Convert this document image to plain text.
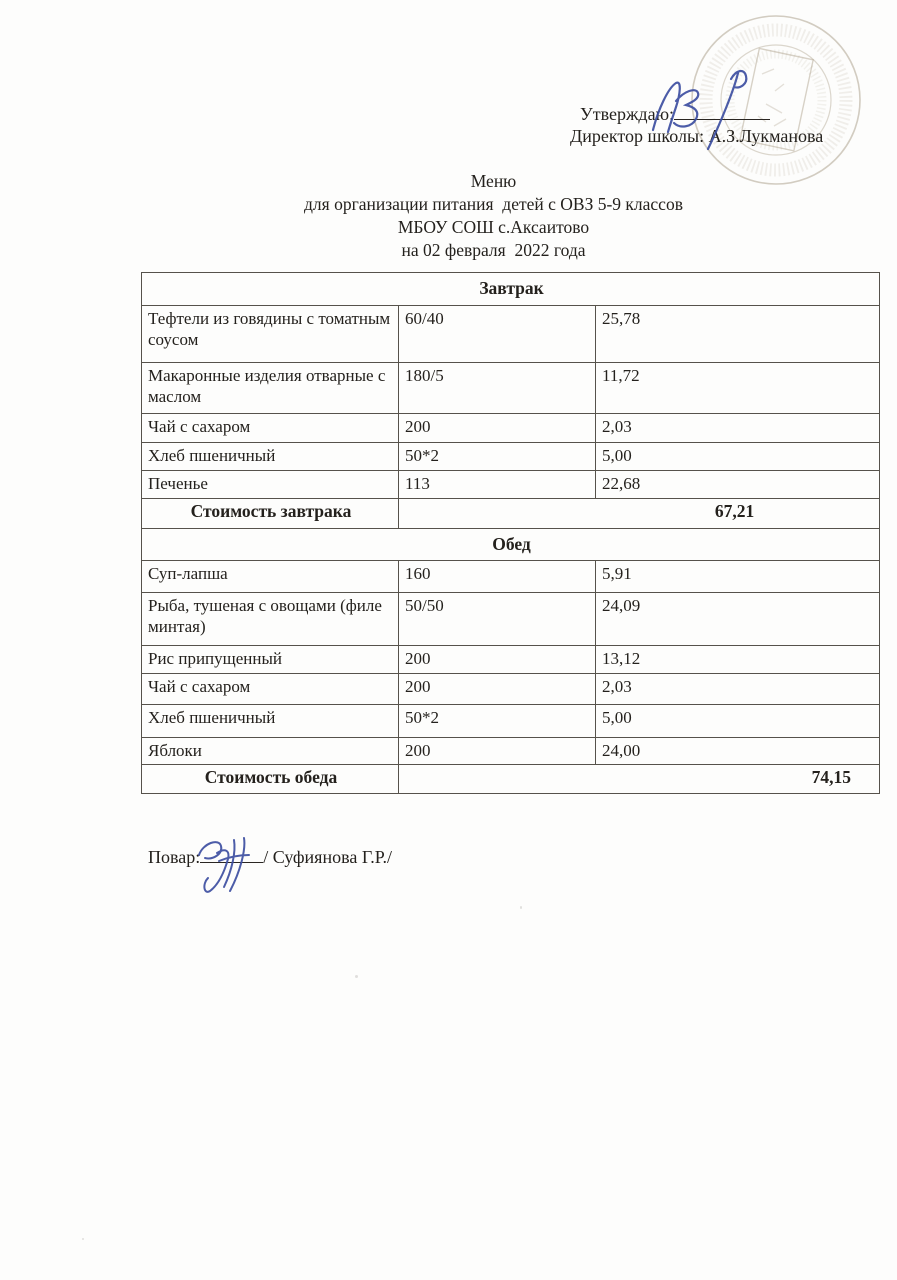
Утверждаю:
Директор школы: А.З.Лукманова
Меню
для организации питания  детей с ОВЗ 5-9 классов
МБОУ СОШ с.Аксаитово
на 02 февраля  2022 года
Завтрак		
Тефтели из говядины с томатным соусом	60/40	25,78
Макаронные изделия отварные с маслом	180/5	11,72
Чай с сахаром	200	2,03
Хлеб пшеничный	50*2	5,00
Печенье	113	22,68
Стоимость завтрака	67,21	
Обед		
Суп-лапша	160	5,91
Рыба, тушеная с овощами (филе минтая)	50/50	24,09
Рис припущенный	200	13,12
Чай с сахаром	200	2,03
Хлеб пшеничный	50*2	5,00
Яблоки	200	24,00
Стоимость обеда	74,15	
Повар:	/ Суфиянова Г.Р./
